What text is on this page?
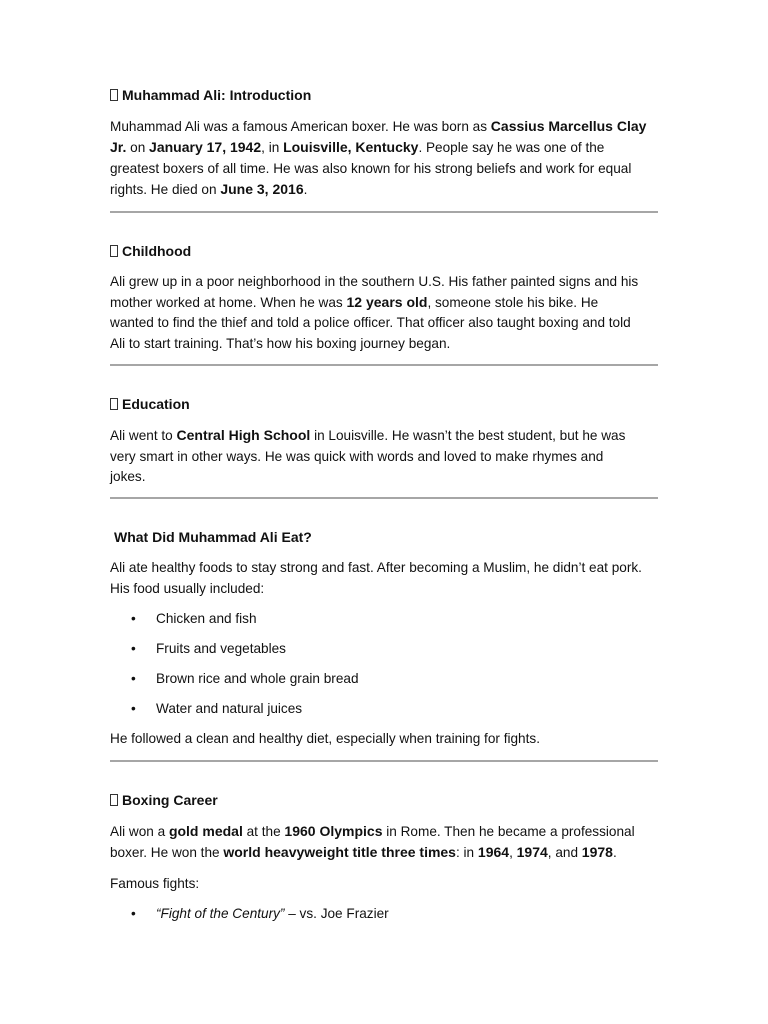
Muhammad Ali: Introduction

Muhammad Ali was a famous American boxer. He was born as Cassius Marcellus Clay Jr. on January 17, 1942, in Louisville, Kentucky. People say he was one of the greatest boxers of all time. He was also known for his strong beliefs and work for equal rights. He died on June 3, 2016.

Childhood

Ali grew up in a poor neighborhood in the southern U.S. His father painted signs and his mother worked at home. When he was 12 years old, someone stole his bike. He wanted to find the thief and told a police officer. That officer also taught boxing and told Ali to start training. That’s how his boxing journey began.

Education

Ali went to Central High School in Louisville. He wasn’t the best student, but he was very smart in other ways. He was quick with words and loved to make rhymes and jokes.

What Did Muhammad Ali Eat?

Ali ate healthy foods to stay strong and fast. After becoming a Muslim, he didn’t eat pork. His food usually included:

• Chicken and fish
• Fruits and vegetables
• Brown rice and whole grain bread
• Water and natural juices

He followed a clean and healthy diet, especially when training for fights.

Boxing Career

Ali won a gold medal at the 1960 Olympics in Rome. Then he became a professional boxer. He won the world heavyweight title three times: in 1964, 1974, and 1978.

Famous fights:

• “Fight of the Century” – vs. Joe Frazier
